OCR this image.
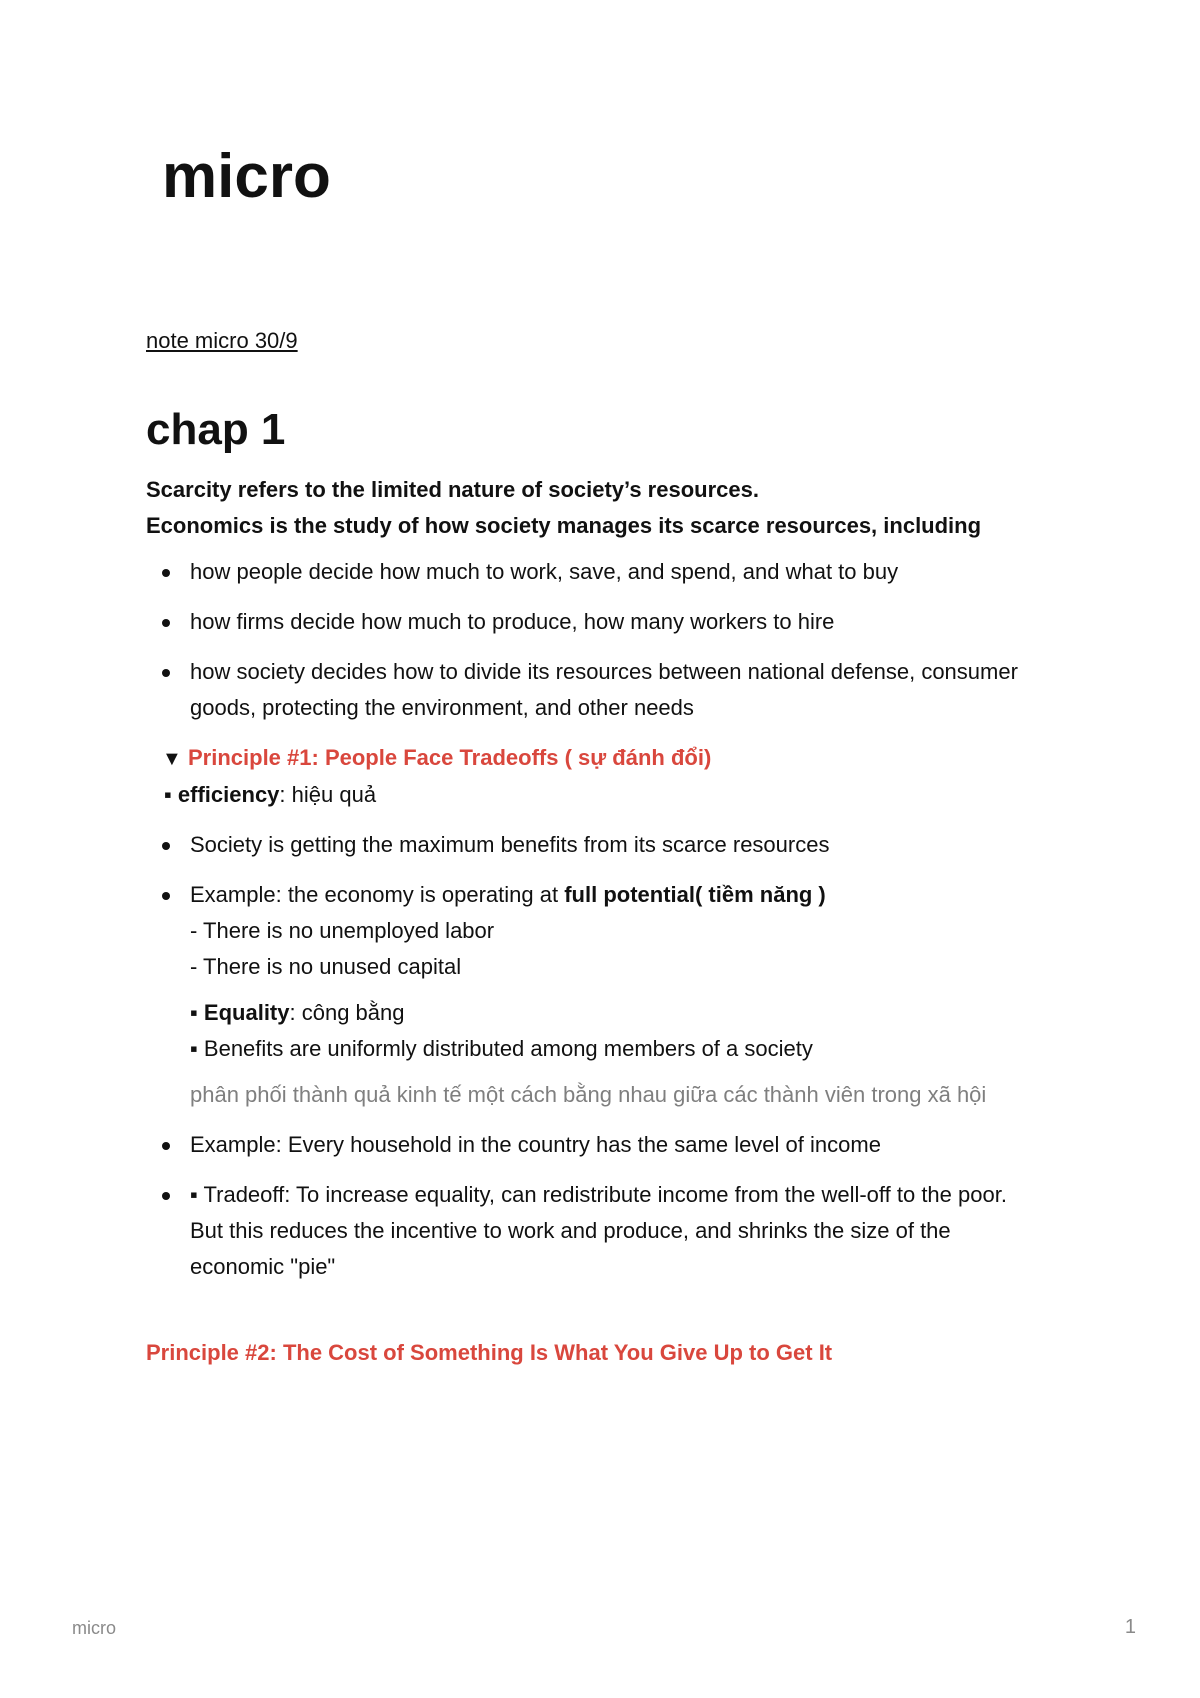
micro
note micro 30/9
chap 1

Scarcity refers to the limited nature of society’s resources.

Economics is the study of how society manages its scarce resources, including

how people decide how much to work, save, and spend, and what to buy
how firms decide how much to produce, how many workers to hire
how society decides how to divide its resources between national defense, consumer goods, protecting the environment, and other needs

▼ Principle #1: People Face Tradeoffs ( sự đánh đổi)

▪ efficiency: hiệu quả

Society is getting the maximum benefits from its scarce resources

Example: the economy is operating at full potential( tiềm năng )

- There is no unemployed labor

- There is no unused capital

▪ Equality: công bằng

▪ Benefits are uniformly distributed among members of a society

phân phối thành quả kinh tế một cách bằng nhau giữa các thành viên trong xã hội

Example: Every household in the country has the same level of income
▪ Tradeoff: To increase equality, can redistribute income from the well-off to the poor. But this reduces the incentive to work and produce, and shrinks the size of the economic "pie"

Principle #2: The Cost of Something Is What You Give Up to Get It

micro	1
